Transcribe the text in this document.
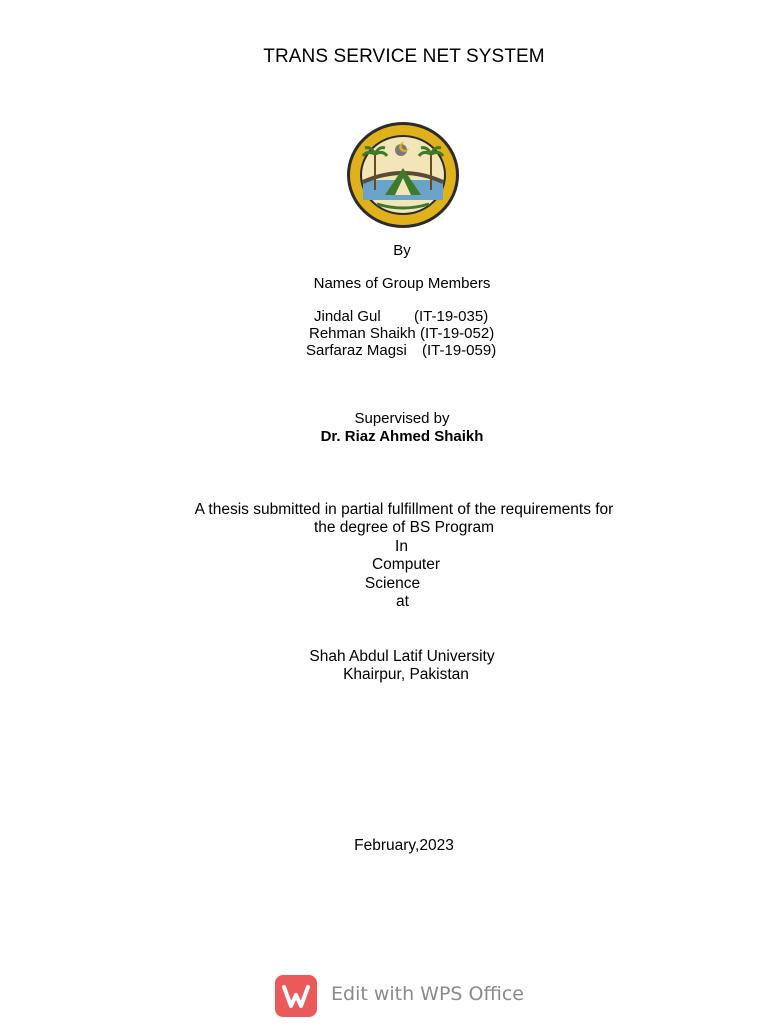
TRANS SERVICE NET SYSTEM
By
Names of Group Members
Jindal Gul (IT-19-035)
Rehman Shaikh (IT-19-052)
Sarfaraz Magsi (IT-19-059)
Supervised by
Dr. Riaz Ahmed Shaikh
A thesis submitted in partial fulfillment of the requirements for
the degree of BS Program
In
Computer
Science
at
Shah Abdul Latif University
Khairpur, Pakistan
February,2023
Edit with WPS Office
